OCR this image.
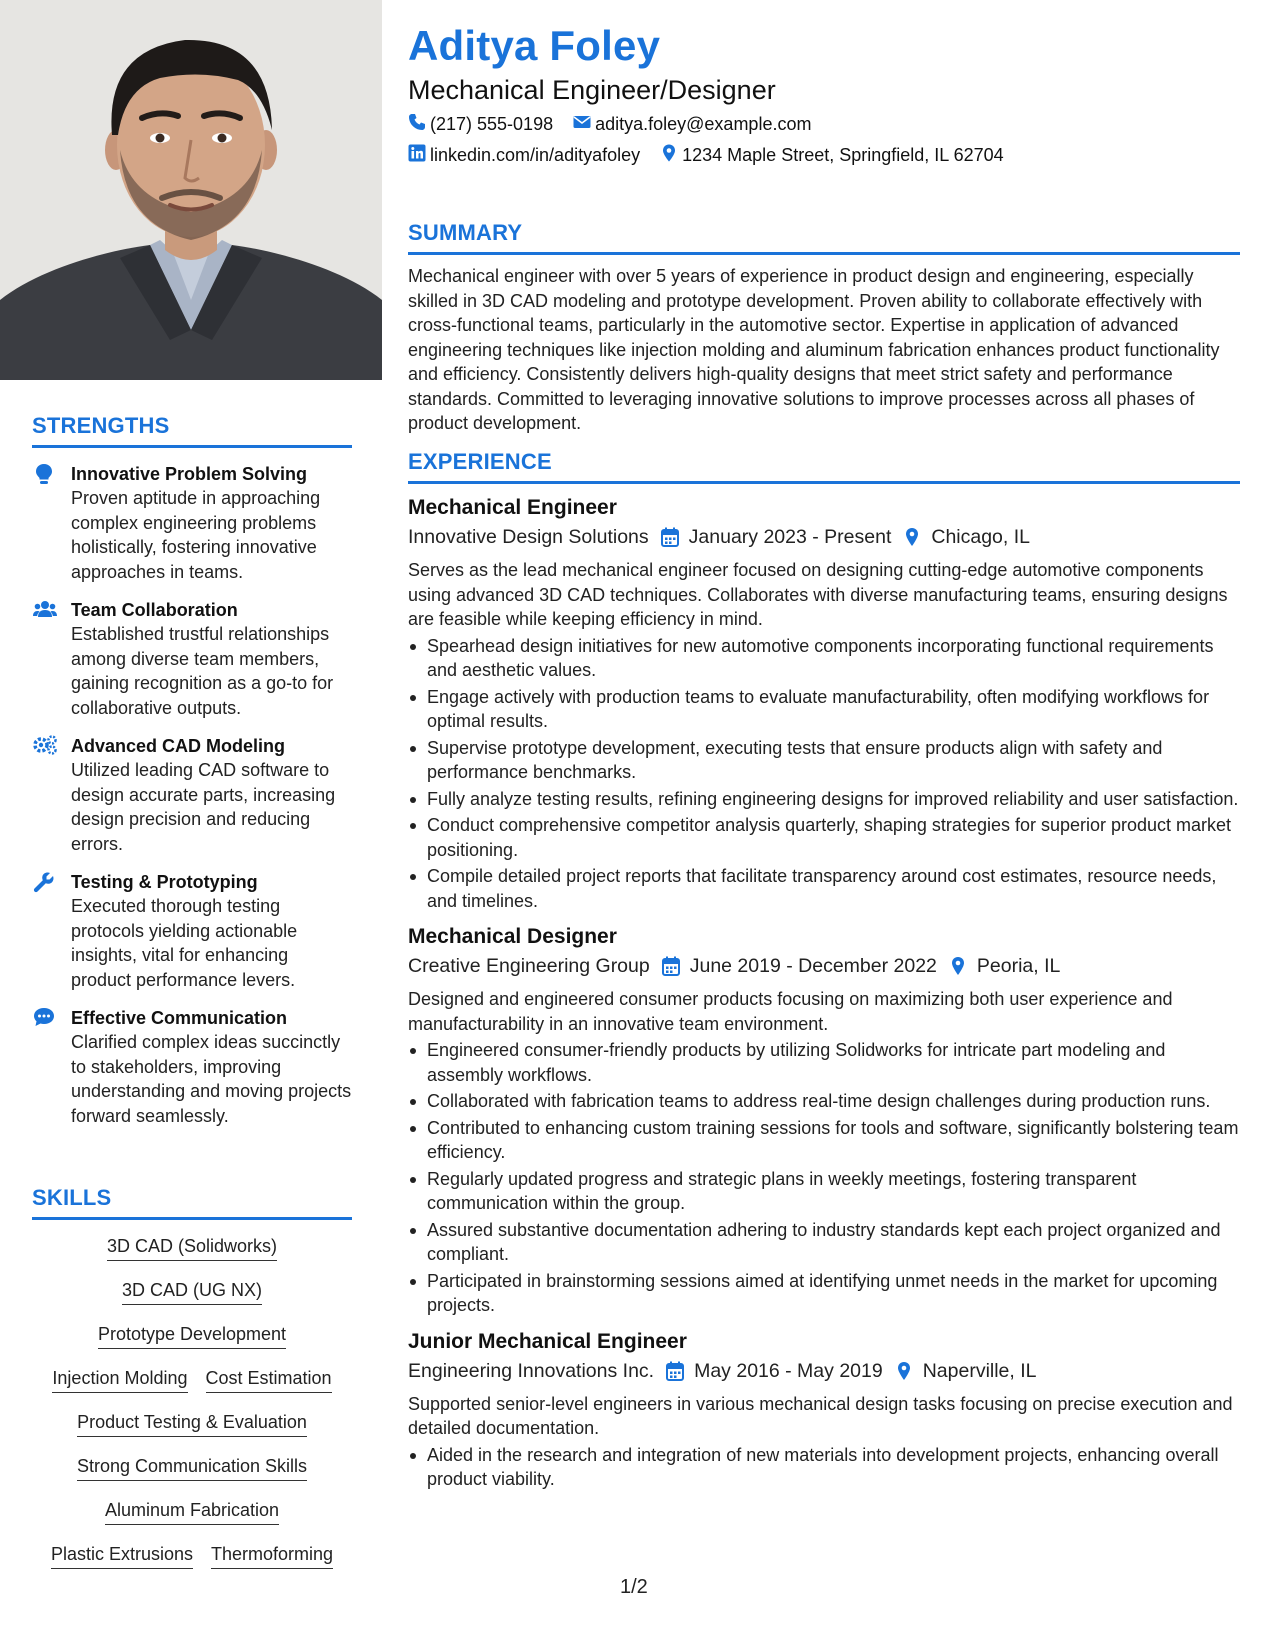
STRENGTHS
Innovative Problem Solving
Proven aptitude in approaching complex engineering problems holistically, fostering innovative approaches in teams.
Team Collaboration
Established trustful relationships among diverse team members, gaining recognition as a go-to for collaborative outputs.
Advanced CAD Modeling
Utilized leading CAD software to design accurate parts, increasing design precision and reducing errors.
Testing & Prototyping
Executed thorough testing protocols yielding actionable insights, vital for enhancing product performance levers.
Effective Communication
Clarified complex ideas succinctly to stakeholders, improving understanding and moving projects forward seamlessly.
SKILLS
3D CAD (Solidworks)
3D CAD (UG NX)
Prototype Development
Injection Molding Cost Estimation
Product Testing & Evaluation
Strong Communication Skills
Aluminum Fabrication
Plastic Extrusions Thermoforming
Aditya Foley
Mechanical Engineer/Designer
(217) 555-0198 aditya.foley@example.com
linkedin.com/in/adityafoley 1234 Maple Street, Springfield, IL 62704
SUMMARY

Mechanical engineer with over 5 years of experience in product design and engineering, especially skilled in 3D CAD modeling and prototype development. Proven ability to collaborate effectively with cross-functional teams, particularly in the automotive sector. Expertise in application of advanced engineering techniques like injection molding and aluminum fabrication enhances product functionality and efficiency. Consistently delivers high-quality designs that meet strict safety and performance standards. Committed to leveraging innovative solutions to improve processes across all phases of product development.

EXPERIENCE
Mechanical Engineer
Innovative Design Solutions January 2023 - Present Chicago, IL
Serves as the lead mechanical engineer focused on designing cutting-edge automotive components using advanced 3D CAD techniques. Collaborates with diverse manufacturing teams, ensuring designs are feasible while keeping efficiency in mind.
Spearhead design initiatives for new automotive components incorporating functional requirements and aesthetic values.
Engage actively with production teams to evaluate manufacturability, often modifying workflows for optimal results.
Supervise prototype development, executing tests that ensure products align with safety and performance benchmarks.
Fully analyze testing results, refining engineering designs for improved reliability and user satisfaction.
Conduct comprehensive competitor analysis quarterly, shaping strategies for superior product market positioning.
Compile detailed project reports that facilitate transparency around cost estimates, resource needs, and timelines.
Mechanical Designer
Creative Engineering Group June 2019 - December 2022 Peoria, IL
Designed and engineered consumer products focusing on maximizing both user experience and manufacturability in an innovative team environment.
Engineered consumer-friendly products by utilizing Solidworks for intricate part modeling and assembly workflows.
Collaborated with fabrication teams to address real-time design challenges during production runs.
Contributed to enhancing custom training sessions for tools and software, significantly bolstering team efficiency.
Regularly updated progress and strategic plans in weekly meetings, fostering transparent communication within the group.
Assured substantive documentation adhering to industry standards kept each project organized and compliant.
Participated in brainstorming sessions aimed at identifying unmet needs in the market for upcoming projects.
Junior Mechanical Engineer
Engineering Innovations Inc. May 2016 - May 2019 Naperville, IL
Supported senior-level engineers in various mechanical design tasks focusing on precise execution and detailed documentation.
Aided in the research and integration of new materials into development projects, enhancing overall product viability.
1/2
